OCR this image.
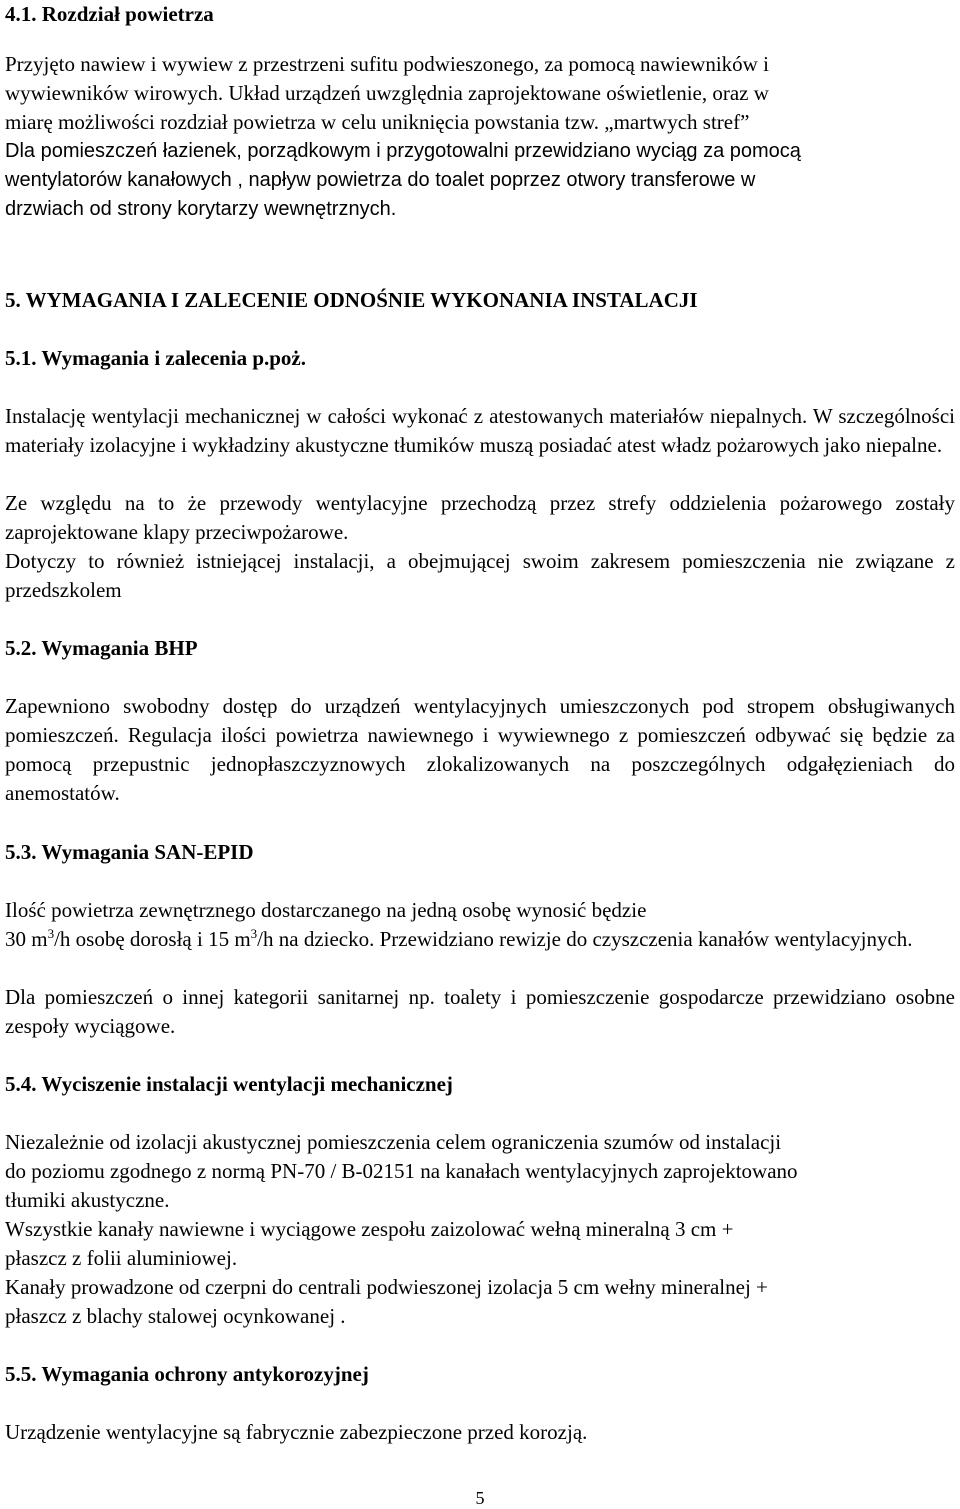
4.1. Rozdział powietrza
Przyjęto nawiew i wywiew z przestrzeni sufitu podwieszonego, za pomocą nawiewników i
wywiewników wirowych. Układ urządzeń uwzględnia zaprojektowane oświetlenie, oraz w
miarę możliwości rozdział powietrza w celu uniknięcia powstania tzw. „martwych stref”
Dla pomieszczeń łazienek, porządkowym i przygotowalni przewidziano wyciąg za pomocą
wentylatorów kanałowych , napływ powietrza do toalet poprzez otwory transferowe w
drzwiach od strony korytarzy wewnętrznych.
5. WYMAGANIA I ZALECENIE ODNOŚNIE WYKONANIA INSTALACJI
5.1. Wymagania i zalecenia p.poż.
Instalację wentylacji mechanicznej w całości wykonać z atestowanych materiałów niepalnych. W szczególności materiały izolacyjne i wykładziny akustyczne tłumików muszą posiadać atest władz pożarowych jako niepalne.
Ze względu na to że przewody wentylacyjne przechodzą przez strefy oddzielenia pożarowego zostały zaprojektowane klapy przeciwpożarowe.
Dotyczy to również istniejącej instalacji, a obejmującej swoim zakresem pomieszczenia nie związane z przedszkolem
5.2. Wymagania BHP
Zapewniono swobodny dostęp do urządzeń wentylacyjnych umieszczonych pod stropem obsługiwanych pomieszczeń. Regulacja ilości powietrza nawiewnego i wywiewnego z pomieszczeń odbywać się będzie za pomocą przepustnic jednopłaszczyznowych zlokalizowanych na poszczególnych odgałęzieniach do anemostatów.
5.3. Wymagania SAN-EPID
Ilość powietrza zewnętrznego dostarczanego na jedną osobę wynosić będzie
30 $m^3/h$ osobę dorosłą i 15 $m^3/h$ na dziecko. Przewidziano rewizje do czyszczenia kanałów wentylacyjnych.
Dla pomieszczeń o innej kategorii sanitarnej np. toalety i pomieszczenie gospodarcze przewidziano osobne zespoły wyciągowe.
5.4. Wyciszenie instalacji wentylacji mechanicznej
Niezależnie od izolacji akustycznej pomieszczenia celem ograniczenia szumów od instalacji
do poziomu zgodnego z normą PN-70 / B-02151 na kanałach wentylacyjnych zaprojektowano
tłumiki akustyczne.
Wszystkie kanały nawiewne i wyciągowe zespołu zaizolować wełną mineralną 3 cm +
płaszcz z folii aluminiowej.
Kanały prowadzone od czerpni do centrali podwieszonej izolacja 5 cm wełny mineralnej +
płaszcz z blachy stalowej ocynkowanej .
5.5. Wymagania ochrony antykorozyjnej
Urządzenie wentylacyjne są fabrycznie zabezpieczone przed korozją.
5
